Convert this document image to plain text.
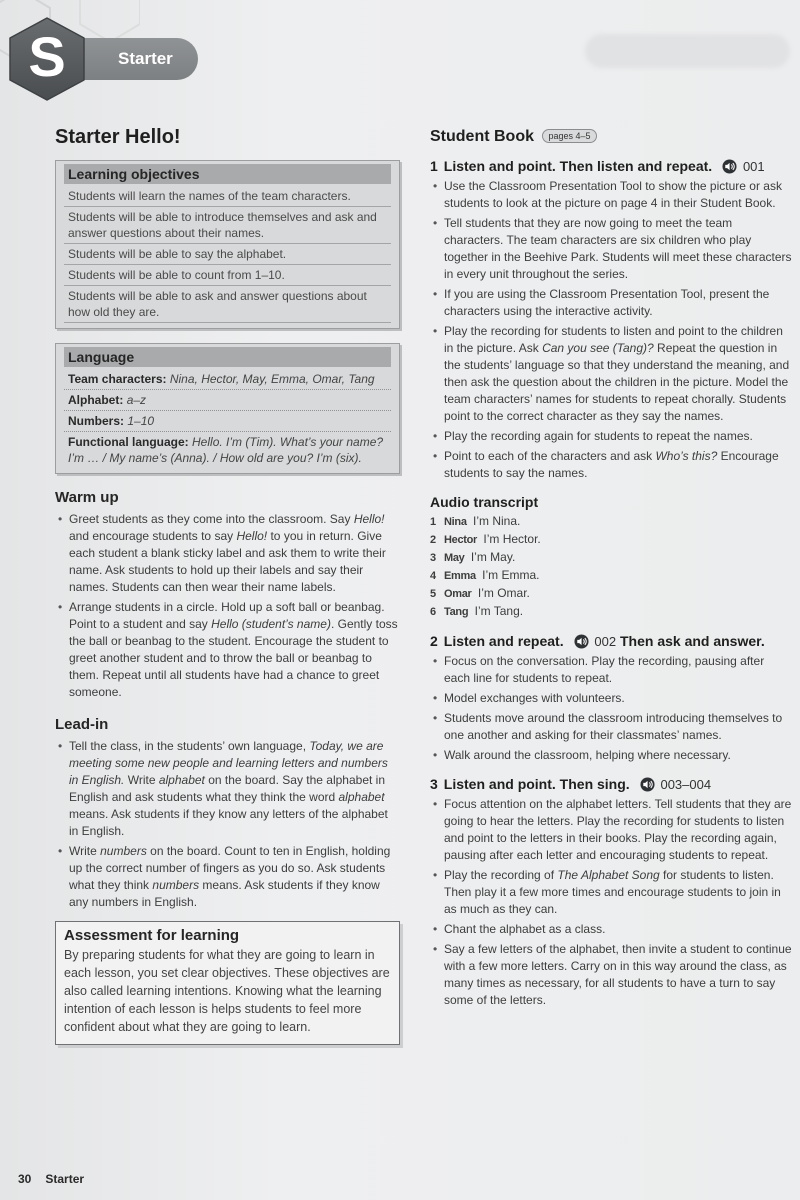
Starter
S
Starter Hello!
Learning objectives
Students will learn the names of the team characters.
Students will be able to introduce themselves and ask and answer questions about their names.
Students will be able to say the alphabet.
Students will be able to count from 1–10.
Students will be able to ask and answer questions about how old they are.
Language
Team characters: Nina, Hector, May, Emma, Omar, Tang
Alphabet: a–z
Numbers: 1–10
Functional language: Hello. I’m (Tim). What’s your name? I’m … / My name’s (Anna). / How old are you? I’m (six).
Warm up
• Greet students as they come into the classroom. Say Hello! and encourage students to say Hello! to you in return. Give each student a blank sticky label and ask them to write their name. Ask students to hold up their labels and say their names. Students can then wear their name labels.
• Arrange students in a circle. Hold up a soft ball or beanbag. Point to a student and say Hello (student’s name). Gently toss the ball or beanbag to the student. Encourage the student to greet another student and to throw the ball or beanbag to them. Repeat until all students have had a chance to greet someone.
Lead-in
• Tell the class, in the students’ own language, Today, we are meeting some new people and learning letters and numbers in English. Write alphabet on the board. Say the alphabet in English and ask students what they think the word alphabet means. Ask students if they know any letters of the alphabet in English.
• Write numbers on the board. Count to ten in English, holding up the correct number of fingers as you do so. Ask students what they think numbers means. Ask students if they know any numbers in English.
Assessment for learning
By preparing students for what they are going to learn in each lesson, you set clear objectives. These objectives are also called learning intentions. Knowing what the learning intention of each lesson is helps students to feel more confident about what they are going to learn.
Student Book pages 4–5
1 Listen and point. Then listen and repeat. 001
• Use the Classroom Presentation Tool to show the picture or ask students to look at the picture on page 4 in their Student Book.
• Tell students that they are now going to meet the team characters. The team characters are six children who play together in the Beehive Park. Students will meet these characters in every unit throughout the series.
• If you are using the Classroom Presentation Tool, present the characters using the interactive activity.
• Play the recording for students to listen and point to the children in the picture. Ask Can you see (Tang)? Repeat the question in the students’ language so that they understand the meaning, and then ask the question about the children in the picture. Model the team characters’ names for students to repeat chorally. Students point to the correct character as they say the names.
• Play the recording again for students to repeat the names.
• Point to each of the characters and ask Who’s this? Encourage students to say the names.
Audio transcript
1 Nina I’m Nina.
2 Hector I’m Hector.
3 May I’m May.
4 Emma I’m Emma.
5 Omar I’m Omar.
6 Tang I’m Tang.
2 Listen and repeat. 002 Then ask and answer.
• Focus on the conversation. Play the recording, pausing after each line for students to repeat.
• Model exchanges with volunteers.
• Students move around the classroom introducing themselves to one another and asking for their classmates’ names.
• Walk around the classroom, helping where necessary.
3 Listen and point. Then sing. 003–004
• Focus attention on the alphabet letters. Tell students that they are going to hear the letters. Play the recording for students to listen and point to the letters in their books. Play the recording again, pausing after each letter and encouraging students to repeat.
• Play the recording of The Alphabet Song for students to listen. Then play it a few more times and encourage students to join in as much as they can.
• Chant the alphabet as a class.
• Say a few letters of the alphabet, then invite a student to continue with a few more letters. Carry on in this way around the class, as many times as necessary, for all students to have a turn to say some of the letters.
30 Starter
